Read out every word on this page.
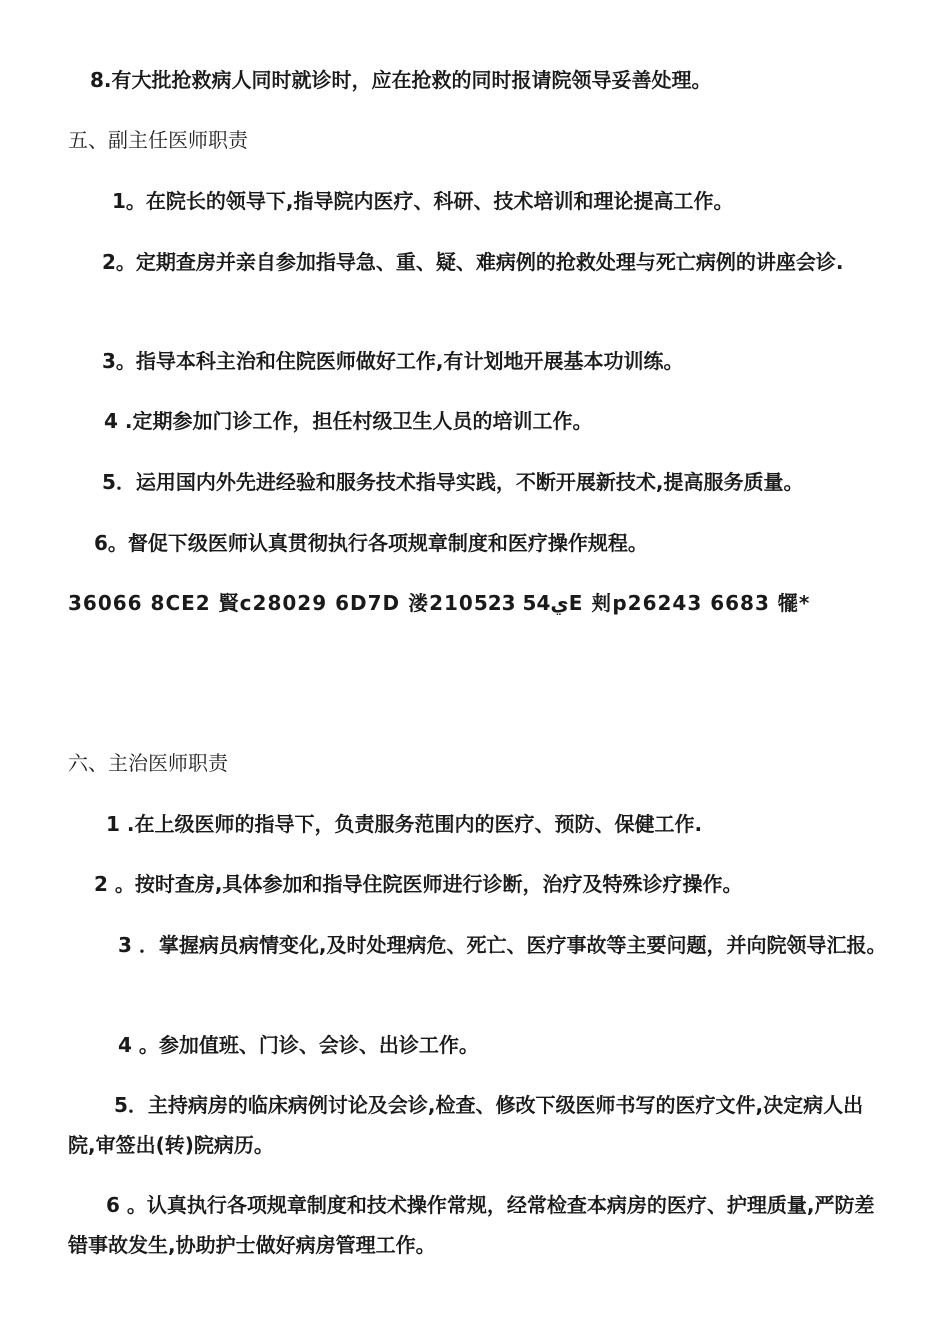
8.有大批抢救病人同时就诊时，应在抢救的同时报请院领导妥善处理。
五、副主任医师职责
1。在院长的领导下,指导院内医疗、科研、技术培训和理论提高工作。
2。定期查房并亲自参加指导急、重、疑、难病例的抢救处理与死亡病例的讲座会诊.
3。指导本科主治和住院医师做好工作,有计划地开展基本功训练。
4 .定期参加门诊工作，担任村级卫生人员的培训工作。
5．运用国内外先进经验和服务技术指导实践，不断开展新技术,提高服务质量。
6。督促下级医师认真贯彻执行各项规章制度和医疗操作规程。
36066 8CE2 賢c28029 6D7D 溇210ي54 523E 刾p26243 6683 犤*
六、主治医师职责
1 .在上级医师的指导下，负责服务范围内的医疗、预防、保健工作.
2 。按时查房,具体参加和指导住院医师进行诊断，治疗及特殊诊疗操作。
3 ．掌握病员病情变化,及时处理病危、死亡、医疗事故等主要问题，并向院领导汇报。
4 。参加值班、门诊、会诊、出诊工作。
5．主持病房的临床病例讨论及会诊,检查、修改下级医师书写的医疗文件,决定病人出院,审签出(转)院病历。
6 。认真执行各项规章制度和技术操作常规，经常检查本病房的医疗、护理质量,严防差错事故发生,协助护士做好病房管理工作。
